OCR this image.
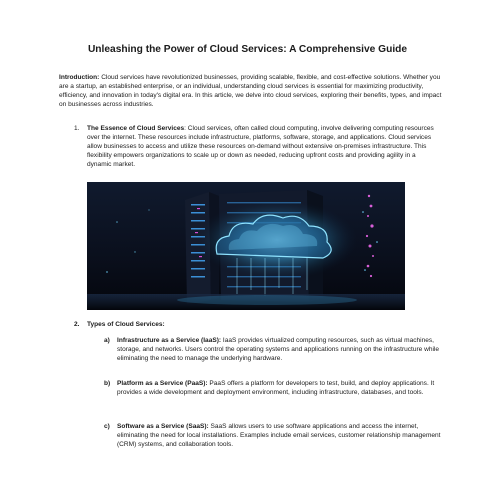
Unleashing the Power of Cloud Services: A Comprehensive Guide

Introduction: Cloud services have revolutionized businesses, providing scalable, flexible, and cost-effective solutions. Whether you are a startup, an established enterprise, or an individual, understanding cloud services is essential for maximizing productivity, efficiency, and innovation in today's digital era. In this article, we delve into cloud services, exploring their benefits, types, and impact on businesses across industries.

1. The Essence of Cloud Services: Cloud services, often called cloud computing, involve delivering computing resources over the internet. These resources include infrastructure, platforms, software, storage, and applications. Cloud services allow businesses to access and utilize these resources on-demand without extensive on-premises infrastructure. This flexibility empowers organizations to scale up or down as needed, reducing upfront costs and providing agility in a dynamic market.

2. Types of Cloud Services:
a) Infrastructure as a Service (IaaS): IaaS provides virtualized computing resources, such as virtual machines, storage, and networks. Users control the operating systems and applications running on the infrastructure while eliminating the need to manage the underlying hardware.

b) Platform as a Service (PaaS): PaaS offers a platform for developers to test, build, and deploy applications. It provides a wide development and deployment environment, including infrastructure, databases, and tools.

c) Software as a Service (SaaS): SaaS allows users to use software applications and access the internet, eliminating the need for local installations. Examples include email services, customer relationship management (CRM) systems, and collaboration tools.
